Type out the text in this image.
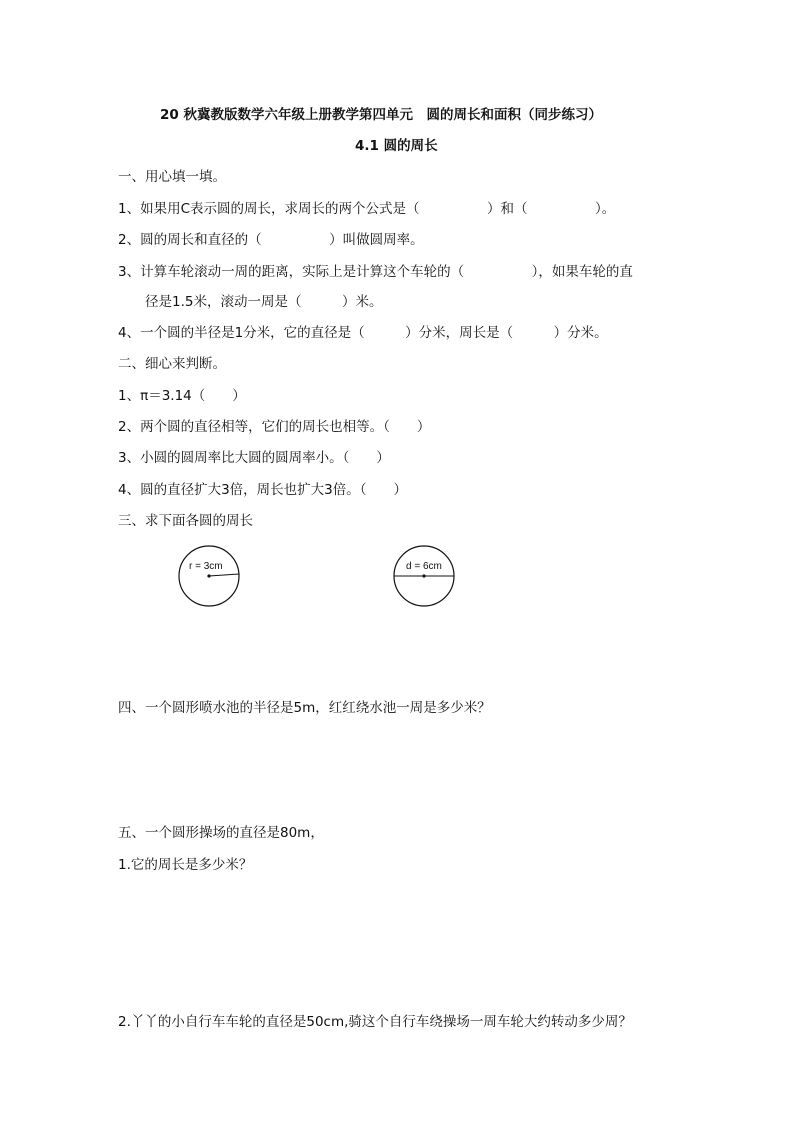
20 秋冀教版数学六年级上册教学第四单元　圆的周长和面积（同步练习）
4.1 圆的周长
一、用心填一填。
1、如果用C表示圆的周长，求周长的两个公式是（　　　　　）和（　　　　　）。
2、圆的周长和直径的（　　　　　）叫做圆周率。
3、计算车轮滚动一周的距离，实际上是计算这个车轮的（　　　　　），如果车轮的直
径是1.5米，滚动一周是（　　　）米。
4、一个圆的半径是1分米，它的直径是（　　　）分米，周长是（　　　）分米。
二、细心来判断。
1、π＝3.14（　　）
2、两个圆的直径相等，它们的周长也相等。（　　）
3、小圆的圆周率比大圆的圆周率小。（　　）
4、圆的直径扩大3倍，周长也扩大3倍。（　　）
三、求下面各圆的周长
r = 3cm	d = 6cm
四、一个圆形喷水池的半径是5m，红红绕水池一周是多少米？
五、一个圆形操场的直径是80m，
1.它的周长是多少米？
2.丫丫的小自行车车轮的直径是50cm,骑这个自行车绕操场一周车轮大约转动多少周？
